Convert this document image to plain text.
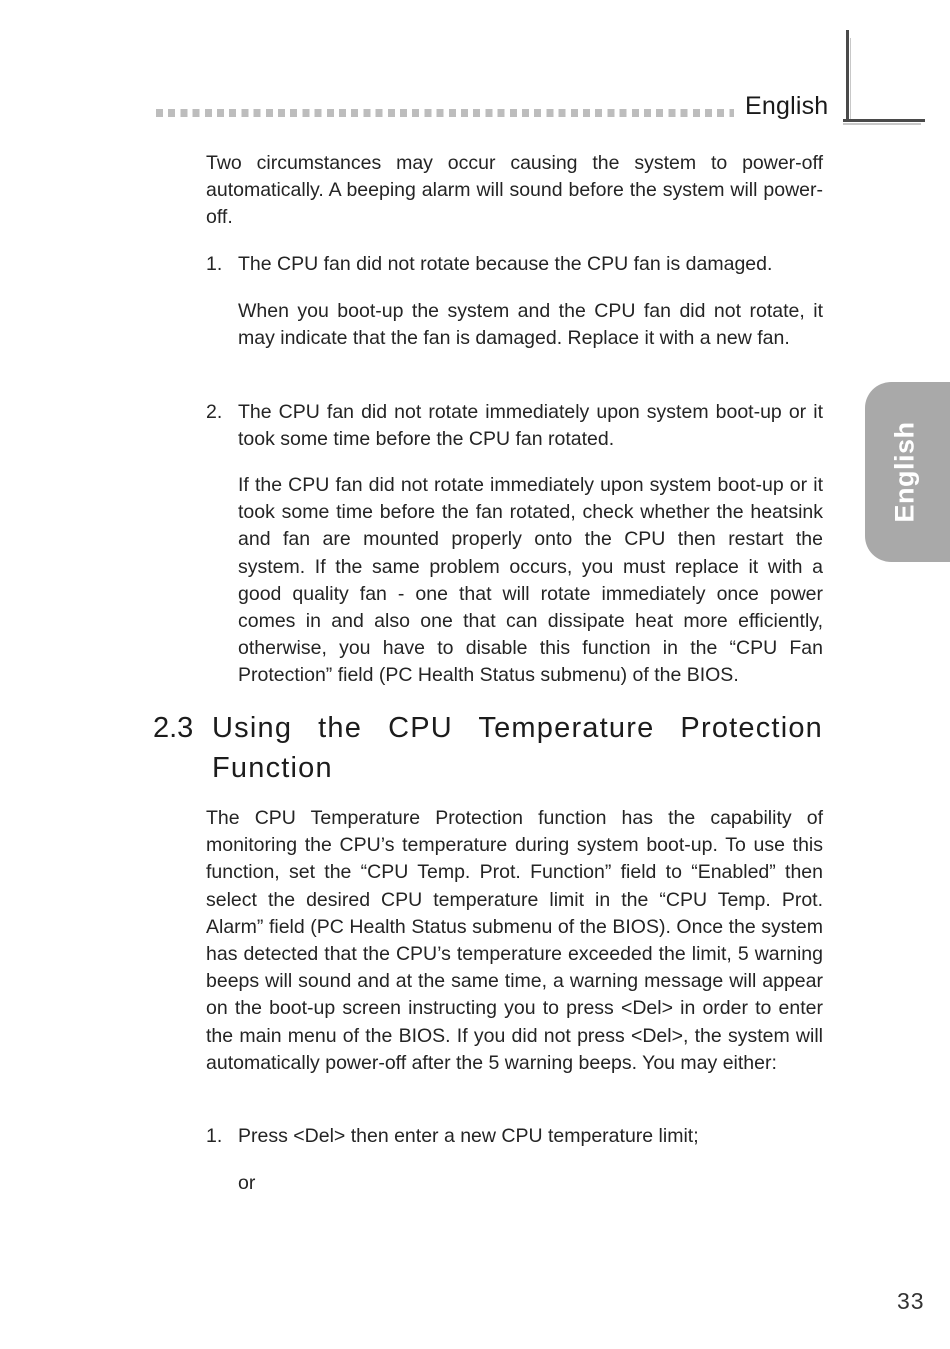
English
English

Two circumstances may occur causing the system to power-off automatically. A beeping alarm will sound before the system will power-off.

1. The CPU fan did not rotate because the CPU fan is damaged.

When you boot-up the system and the CPU fan did not rotate, it may indicate that the fan is damaged. Replace it with a new fan.

2. The CPU fan did not rotate immediately upon system boot-up or it took some time before the CPU fan rotated.

If the CPU fan did not rotate immediately upon system boot-up or it took some time before the fan rotated, check whether the heatsink and fan are mounted properly onto the CPU then restart the system. If the same problem occurs, you must replace it with a good quality fan - one that will rotate immediately once power comes in and also one that can dissipate heat more efficiently, otherwise, you have to disable this function in the “CPU Fan Protection” field (PC Health Status submenu) of the BIOS.

2.3 Using the CPU Temperature Protection Function

The CPU Temperature Protection function has the capability of monitoring the CPU’s temperature during system boot-up. To use this function, set the “CPU Temp. Prot. Function” field to “Enabled” then select the desired CPU temperature limit in the “CPU Temp. Prot. Alarm” field (PC Health Status submenu of the BIOS). Once the system has detected that the CPU’s temperature exceeded the limit, 5 warning beeps will sound and at the same time, a warning message will appear on the boot-up screen instructing you to press <Del> in order to enter the main menu of the BIOS. If you did not press <Del>, the system will automatically power-off after the 5 warning beeps. You may either:

1. Press <Del> then enter a new CPU temperature limit;

or

33
